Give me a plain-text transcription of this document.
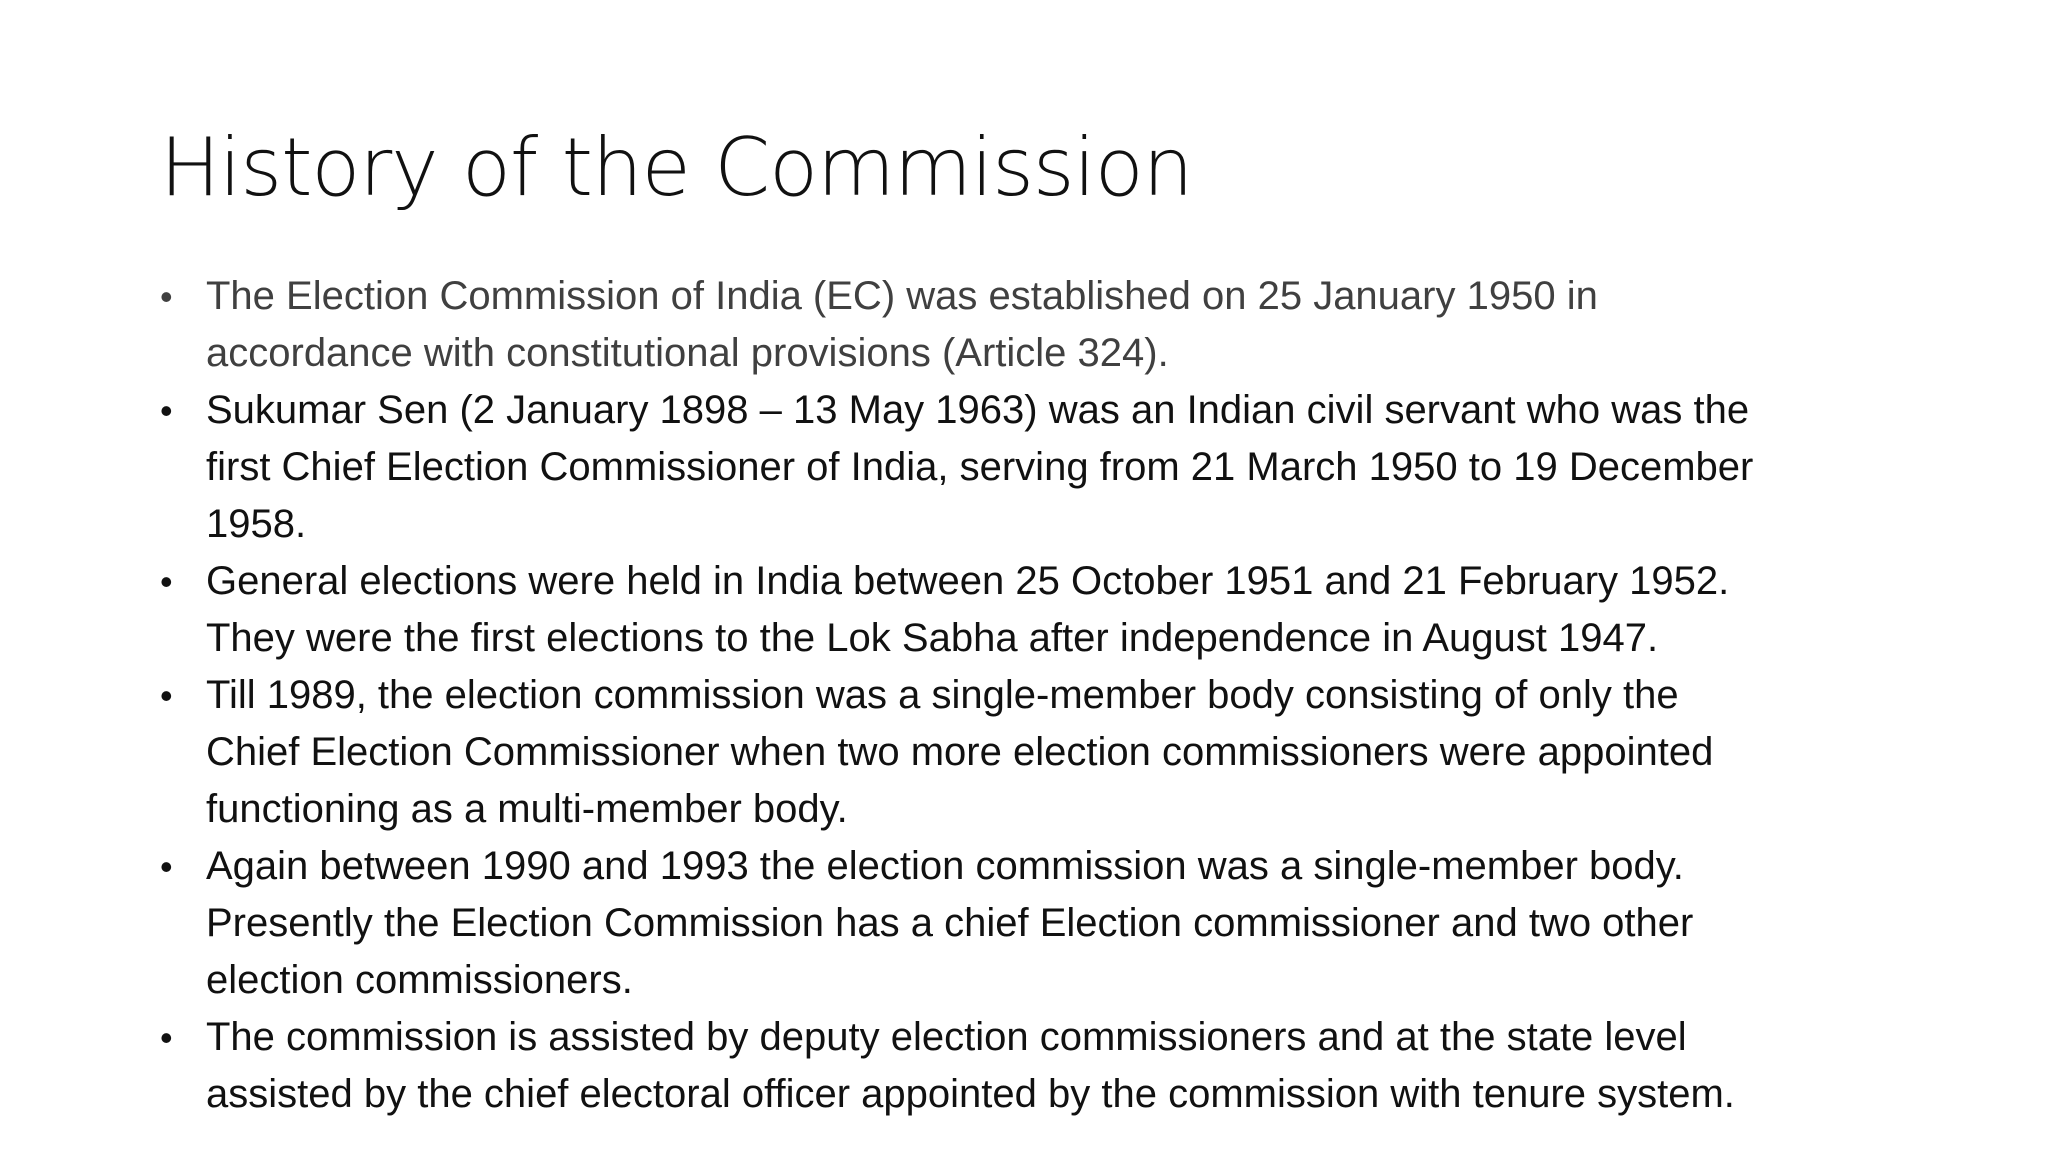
History of the Commission
• The Election Commission of India (EC) was established on 25 January 1950 in
accordance with constitutional provisions (Article 324).
• Sukumar Sen (2 January 1898 – 13 May 1963) was an Indian civil servant who was the
first Chief Election Commissioner of India, serving from 21 March 1950 to 19 December
1958.
• General elections were held in India between 25 October 1951 and 21 February 1952.
They were the first elections to the Lok Sabha after independence in August 1947.
• Till 1989, the election commission was a single-member body consisting of only the
Chief Election Commissioner when two more election commissioners were appointed
functioning as a multi-member body.
• Again between 1990 and 1993 the election commission was a single-member body.
Presently the Election Commission has a chief Election commissioner and two other
election commissioners.
• The commission is assisted by deputy election commissioners and at the state level
assisted by the chief electoral officer appointed by the commission with tenure system.
